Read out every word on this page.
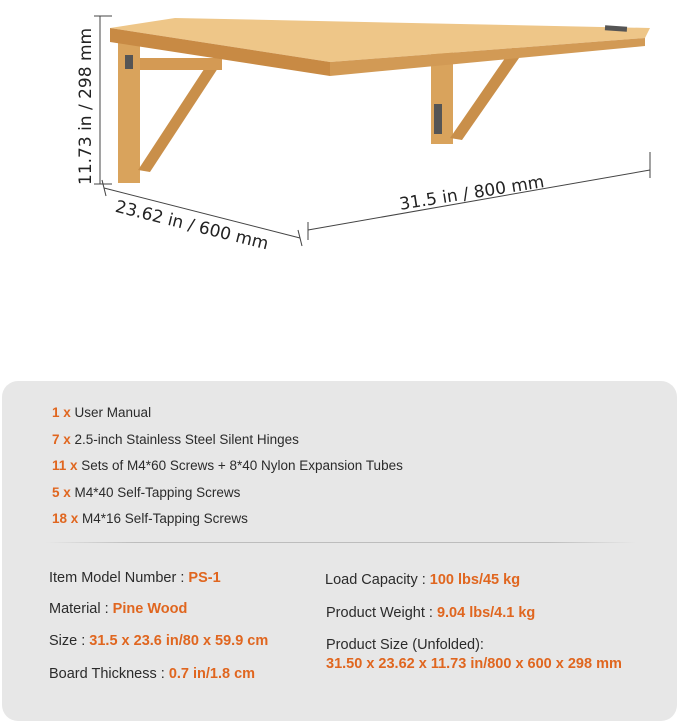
11.73 in / 298 mm
23.62 in / 600 mm
31.5 in / 800 mm
1 x User Manual
7 x 2.5-inch Stainless Steel Silent Hinges
11 x Sets of M4*60 Screws + 8*40 Nylon Expansion Tubes
5 x M4*40 Self-Tapping Screws
18 x M4*16 Self-Tapping Screws
Item Model Number : PS-1
Material : Pine Wood
Size : 31.5 x 23.6 in/80 x 59.9 cm
Board Thickness : 0.7 in/1.8 cm
Load Capacity : 100 lbs/45 kg
Product Weight : 9.04 lbs/4.1 kg
Product Size (Unfolded):
31.50 x 23.62 x 11.73 in/800 x 600 x 298 mm
